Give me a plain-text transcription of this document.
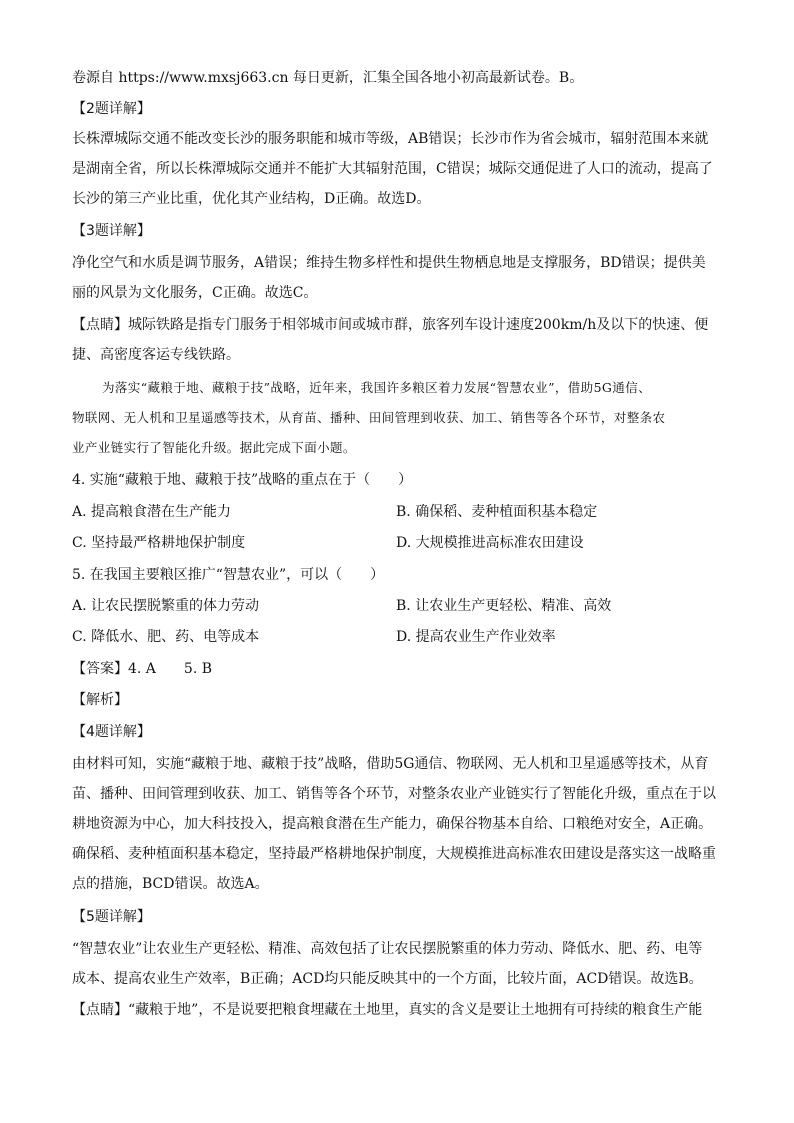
卷源自 https://www.mxsj663.cn 每日更新，汇集全国各地小初高最新试卷。B。
【2题详解】
长株潭城际交通不能改变长沙的服务职能和城市等级，AB错误；长沙市作为省会城市，辐射范围本来就
是湖南全省，所以长株潭城际交通并不能扩大其辐射范围，C错误；城际交通促进了人口的流动，提高了
长沙的第三产业比重，优化其产业结构，D正确。故选D。
【3题详解】
净化空气和水质是调节服务，A错误；维持生物多样性和提供生物栖息地是支撑服务，BD错误；提供美
丽的风景为文化服务，C正确。故选C。
【点睛】城际铁路是指专门服务于相邻城市间或城市群，旅客列车设计速度200km/h及以下的快速、便
捷、高密度客运专线铁路。
为落实“藏粮于地、藏粮于技”战略，近年来，我国许多粮区着力发展“智慧农业”，借助5G通信、
物联网、无人机和卫星遥感等技术，从育苗、播种、田间管理到收获、加工、销售等各个环节，对整条农
业产业链实行了智能化升级。据此完成下面小题。
4. 实施“藏粮于地、藏粮于技”战略的重点在于（　　）
A. 提高粮食潜在生产能力	B. 确保稻、麦种植面积基本稳定
C. 坚持最严格耕地保护制度	D. 大规模推进高标准农田建设
5. 在我国主要粮区推广“智慧农业”，可以（　　）
A. 让农民摆脱繁重的体力劳动	B. 让农业生产更轻松、精准、高效
C. 降低水、肥、药、电等成本	D. 提高农业生产作业效率
【答案】4. A 5. B
【解析】
【4题详解】
由材料可知，实施“藏粮于地、藏粮于技”战略，借助5G通信、物联网、无人机和卫星遥感等技术，从育
苗、播种、田间管理到收获、加工、销售等各个环节，对整条农业产业链实行了智能化升级，重点在于以
耕地资源为中心，加大科技投入，提高粮食潜在生产能力，确保谷物基本自给、口粮绝对安全，A正确。
确保稻、麦种植面积基本稳定，坚持最严格耕地保护制度，大规模推进高标准农田建设是落实这一战略重
点的措施，BCD错误。故选A。
【5题详解】
“智慧农业”让农业生产更轻松、精准、高效包括了让农民摆脱繁重的体力劳动、降低水、肥、药、电等
成本、提高农业生产效率，B正确；ACD均只能反映其中的一个方面，比较片面，ACD错误。故选B。
【点睛】“藏粮于地”，不是说要把粮食埋藏在土地里，真实的含义是要让土地拥有可持续的粮食生产能
